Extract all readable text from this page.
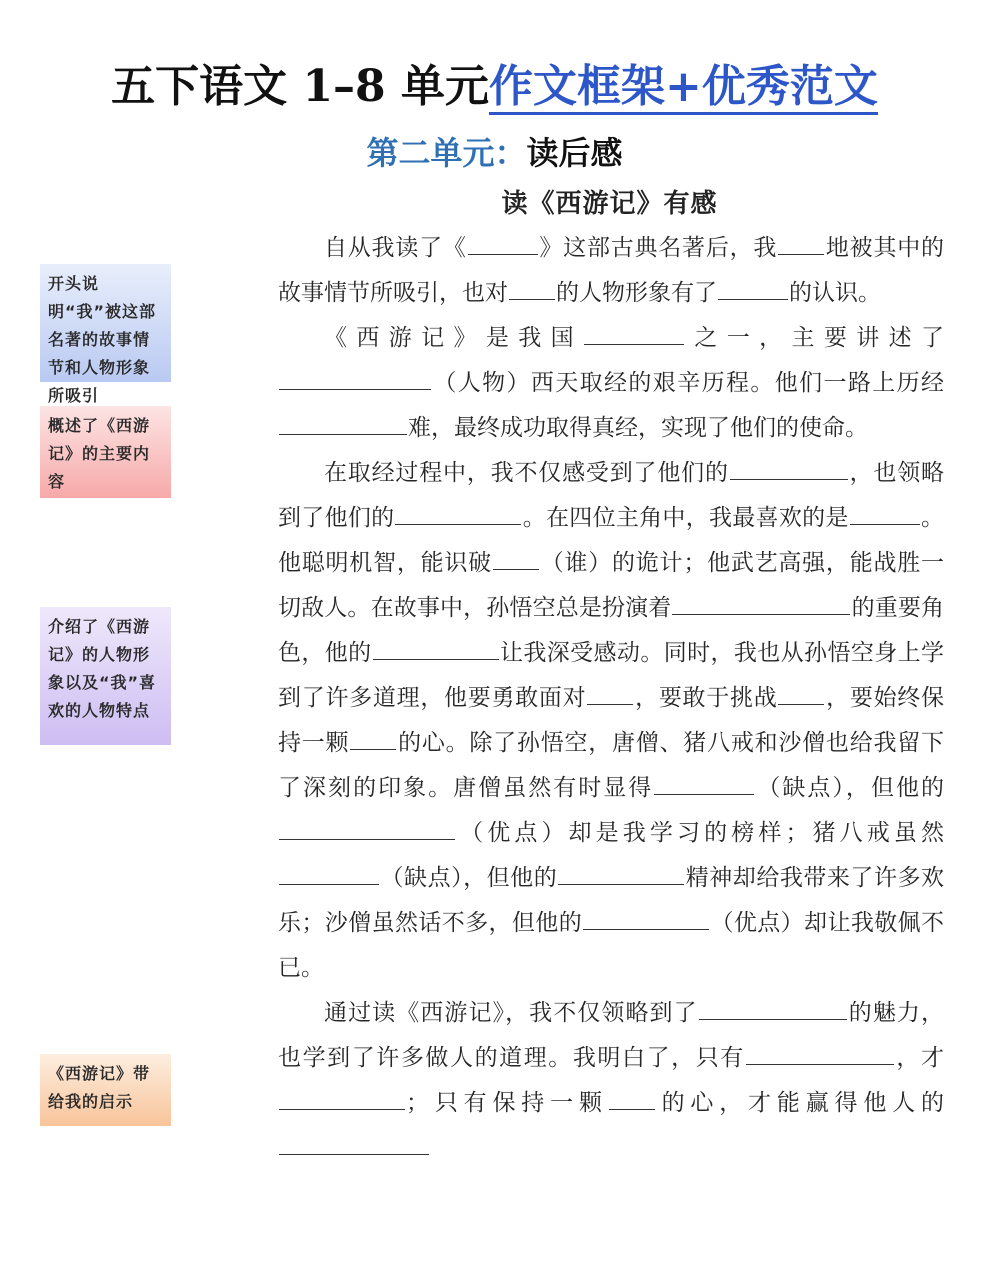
五下语文 1–8 单元作文框架+优秀范文
第二单元：读后感
读《西游记》有感
开头说明“我”被这部名著的故事情节和人物形象所吸引
概述了《西游记》的主要内容
介绍了《西游记》的人物形象以及“我”喜欢的人物特点
《西游记》带给我的启示

自从我读了《	》这部古典名著后，我 地被其中的故事情节所吸引，也对 的人物形象有了	的认识。

《西游记》是我国	之一，主要讲述了（人物）西天取经的艰辛历程。他们一路上历经难，最终成功取得真经，实现了他们的使命。

在取经过程中，我不仅感受到了他们的	，也领略到了他们的	。在四位主角中，我最喜欢的是	。他聪明机智，能识破 （谁）的诡计；他武艺高强，能战胜一切敌人。在故事中，孙悟空总是扮演着	的重要角色，他的	让我深受感动。同时，我也从孙悟空身上学到了许多道理，他要勇敢面对 ，要敢于挑战 ，要始终保持一颗 的心。除了孙悟空，唐僧、猪八戒和沙僧也给我留下了深刻的印象。唐僧虽然有时显得	（缺点），但他的（优点）却是我学习的榜样；猪八戒虽然（缺点），但他的	精神却给我带来了许多欢乐；沙僧虽然话不多，但他的	（优点）却让我敬佩不已。

通过读《西游记》，我不仅领略到了	的魅力，也学到了许多做人的道理。我明白了，只有	，才；只有保持一颗 的心，才能赢得他人的
